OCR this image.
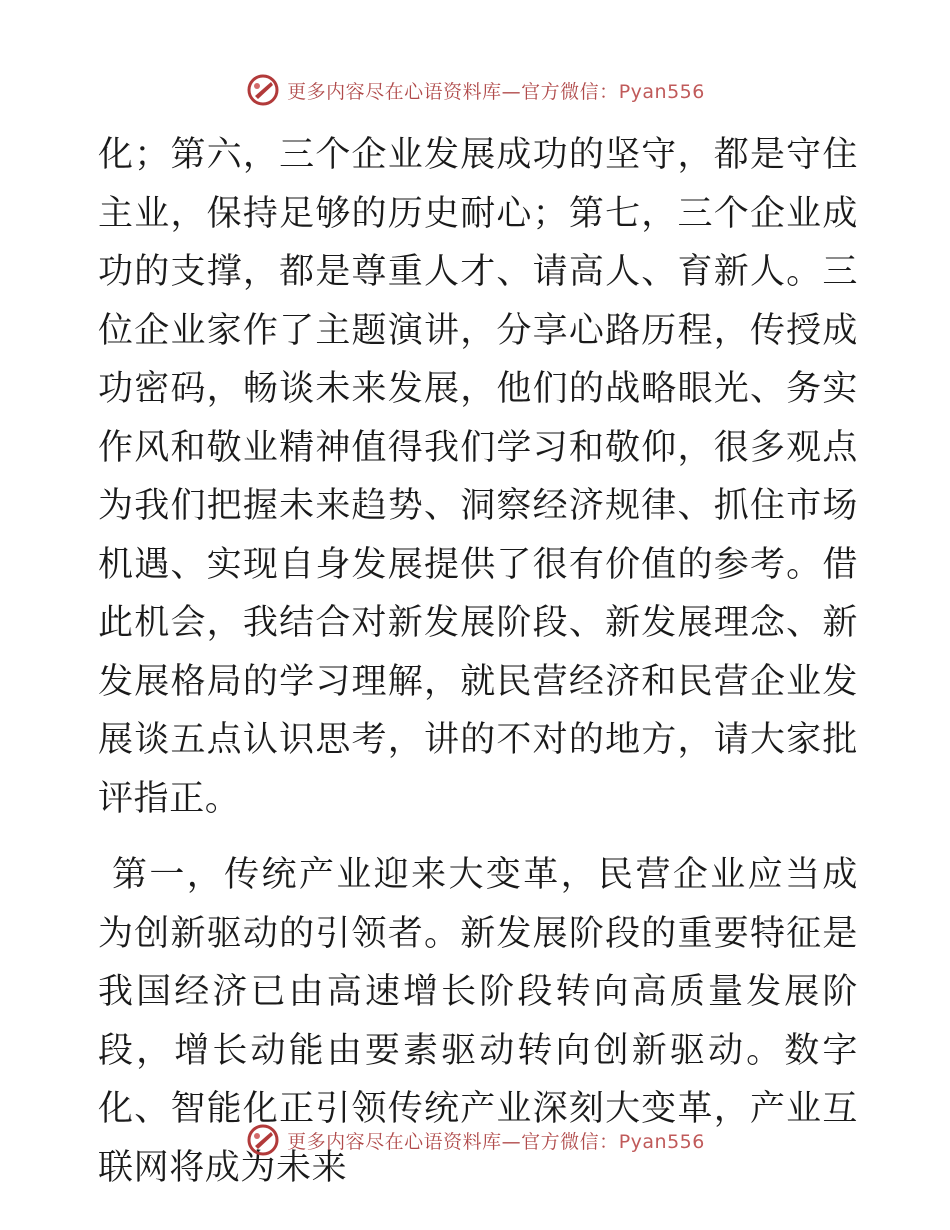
更多内容尽在心语资料库—官方微信：Pyan556

化；第六，三个企业发展成功的坚守，都是守住主业，保持足够的历史耐心；第七，三个企业成功的支撑，都是尊重人才、请高人、育新人。三位企业家作了主题演讲，分享心路历程，传授成功密码，畅谈未来发展，他们的战略眼光、务实作风和敬业精神值得我们学习和敬仰，很多观点为我们把握未来趋势、洞察经济规律、抓住市场机遇、实现自身发展提供了很有价值的参考。借此机会，我结合对新发展阶段、新发展理念、新发展格局的学习理解，就民营经济和民营企业发展谈五点认识思考，讲的不对的地方，请大家批评指正。

第一，传统产业迎来大变革，民营企业应当成为创新驱动的引领者。新发展阶段的重要特征是我国经济已由高速增长阶段转向高质量发展阶段，增长动能由要素驱动转向创新驱动。数字化、智能化正引领传统产业深刻大变革，产业互联网将成为未来

更多内容尽在心语资料库—官方微信：Pyan556
